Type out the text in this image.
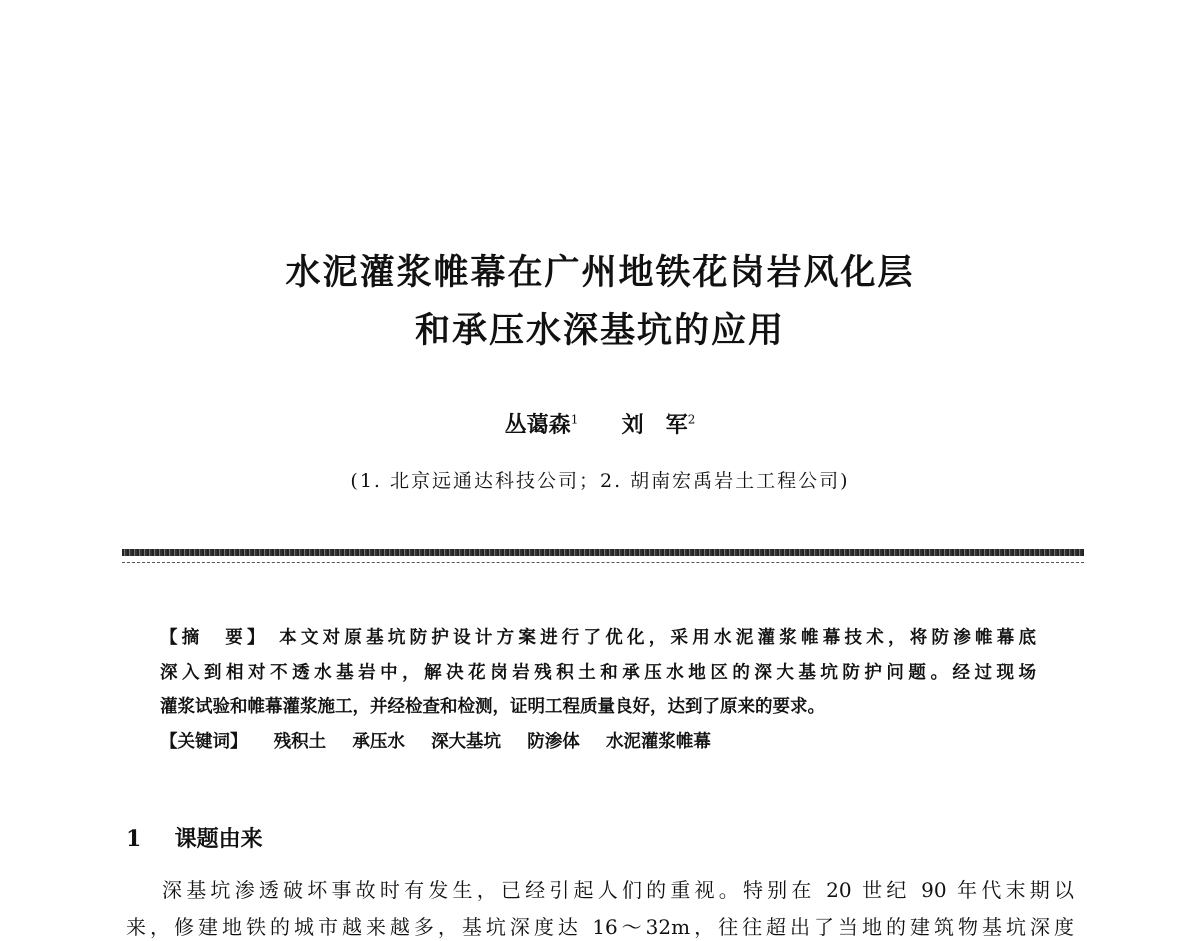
水泥灌浆帷幕在广州地铁花岗岩风化层
和承压水深基坑的应用
丛蔼森$^1$ 刘　军$^2$
(1. 北京远通达科技公司；2. 胡南宏禹岩土工程公司)
【摘　要】 本文对原基坑防护设计方案进行了优化，采用水泥灌浆帷幕技术，将防渗帷幕底
深入到相对不透水基岩中，解决花岗岩残积土和承压水地区的深大基坑防护问题。经过现场
灌浆试验和帷幕灌浆施工，并经检查和检测，证明工程质量良好，达到了原来的要求。
【关键词】 残积土 承压水 深大基坑 防渗体 水泥灌浆帷幕
1 课题由来
深基坑渗透破坏事故时有发生，已经引起人们的重视。特别在 20 世纪 90 年代末期以
来，修建地铁的城市越来越多，基坑深度达 16～32m，往往超出了当地的建筑物基坑深度
